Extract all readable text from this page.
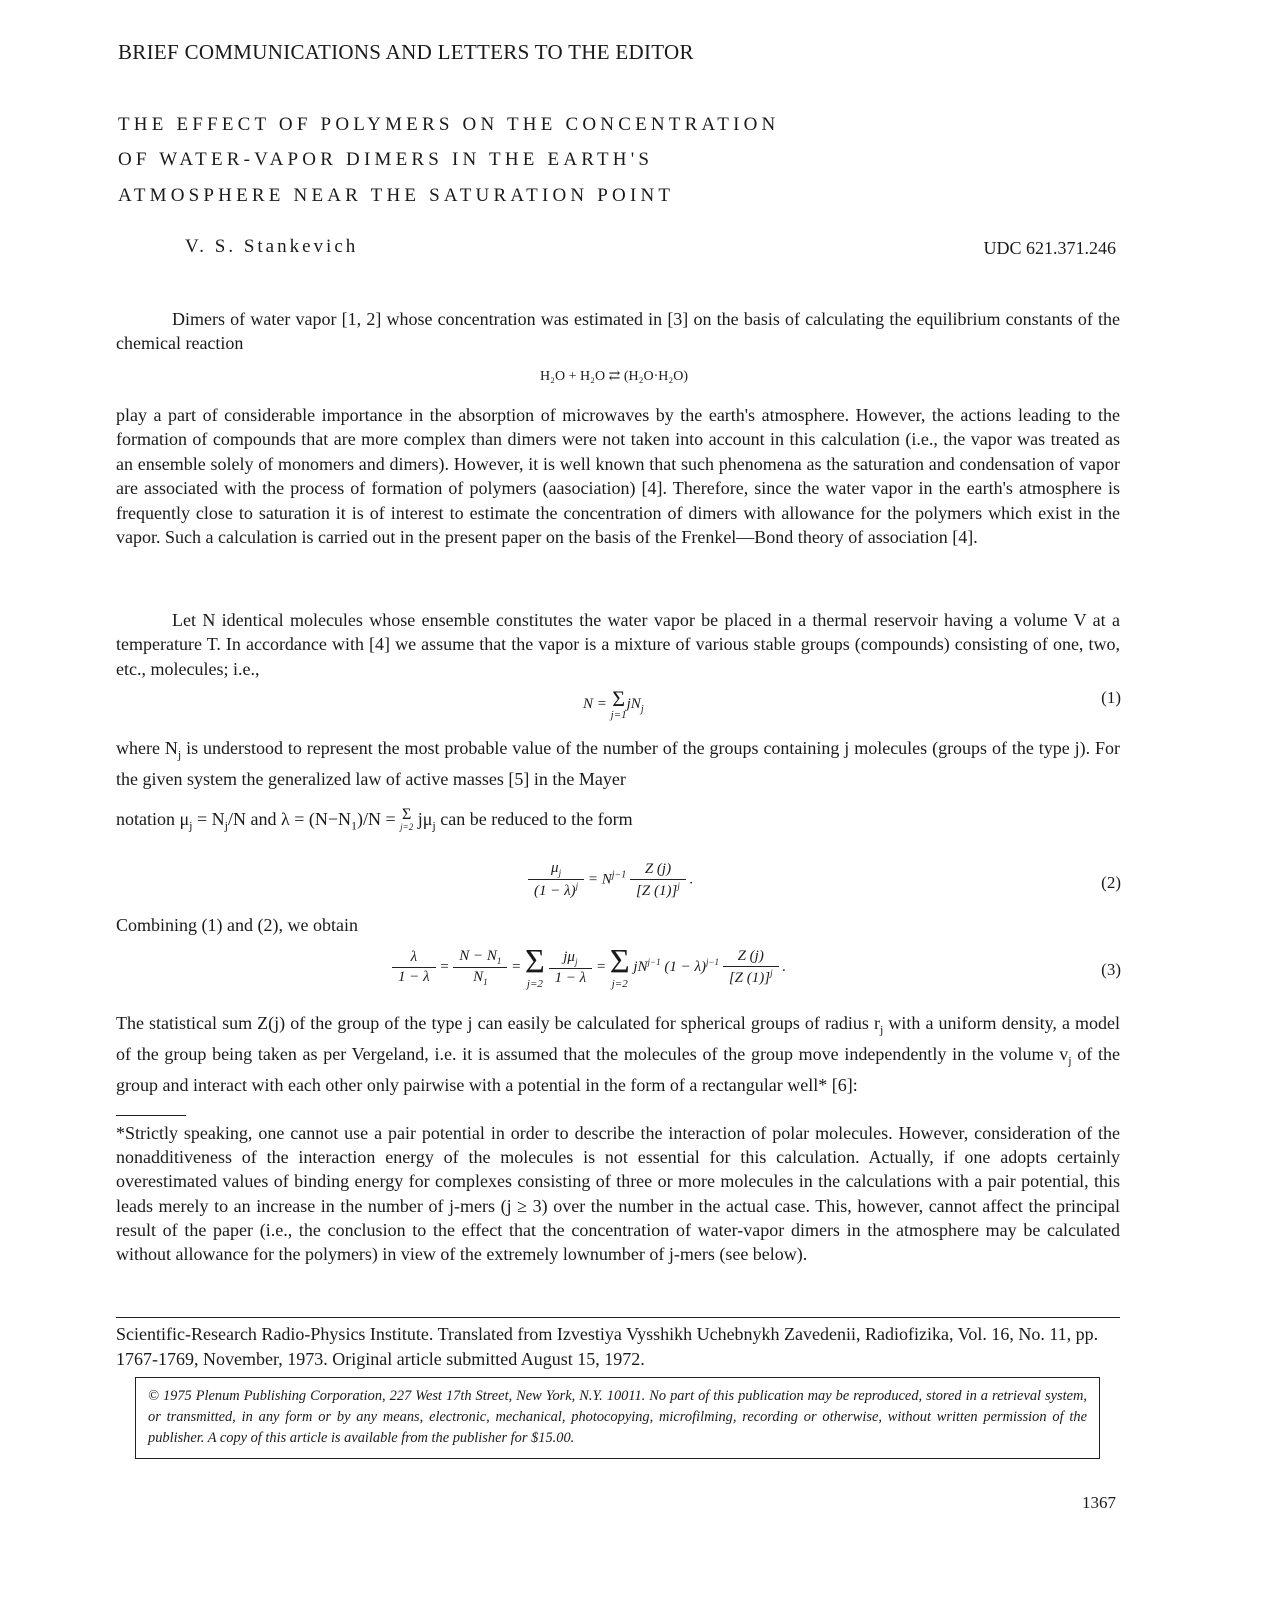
BRIEF COMMUNICATIONS AND LETTERS TO THE EDITOR
THE EFFECT OF POLYMERS ON THE CONCENTRATION
OF WATER-VAPOR DIMERS IN THE EARTH'S
ATMOSPHERE NEAR THE SATURATION POINT
V. S. Stankevich	UDC 621.371.246
Dimers of water vapor [1, 2] whose concentration was estimated in [3] on the basis of calculating the equilibrium constants of the chemical reaction
H₂O + H₂O ⇄ (H₂O·H₂O)
play a part of considerable importance in the absorption of microwaves by the earth's atmosphere. However, the actions leading to the formation of compounds that are more complex than dimers were not taken into account in this calculation (i.e., the vapor was treated as an ensemble solely of monomers and dimers). However, it is well known that such phenomena as the saturation and condensation of vapor are associated with the process of formation of polymers (aasociation) [4]. Therefore, since the water vapor in the earth's atmosphere is frequently close to saturation it is of interest to estimate the concentration of dimers with allowance for the polymers which exist in the vapor. Such a calculation is carried out in the present paper on the basis of the Frenkel—Bond theory of association [4].
Let N identical molecules whose ensemble constitutes the water vapor be placed in a thermal reservoir having a volume V at a temperature T. In accordance with [4] we assume that the vapor is a mixture of various stable groups (compounds) consisting of one, two, etc., molecules; i.e.,
N = Σ
j=1
$jN_j$
(1)
where $N_j$ is understood to represent the most probable value of the number of the groups containing j molecules (groups of the type j). For the given system the generalized law of active masses [5] in the Mayer
notation $\mu_j = N_j/N$ and $\lambda = (N-N_1)/N = \Sigma$
j=2 $j\mu_j$ can be reduced to the form
$\frac{\mu_j}{(1 - \lambda)^j} = N^{j-1} \frac{Z (j)}{[Z (1)]^j}$ .	(2)
Combining (1) and (2), we obtain
$\frac{\lambda}{1 - \lambda} = \frac{N - N_1}{N_1} = \Sigma$
j=2
$\frac{j\mu_j}{1 - \lambda} = \Sigma$
j=2
$jN^{j-1}$ $(1 - \lambda)^{j-1} \frac{Z (j)}{[Z (1)]^j}$ .	(3)
The statistical sum Z(j) of the group of the type j can easily be calculated for spherical groups of radius $r_j$ with a uniform density, a model of the group being taken as per Vergeland, i.e. it is assumed that the molecules of the group move independently in the volume $v_j$ of the group and interact with each other only pairwise with a potential in the form of a rectangular well* [6]:
*Strictly speaking, one cannot use a pair potential in order to describe the interaction of polar molecules. However, consideration of the nonadditiveness of the interaction energy of the molecules is not essential for this calculation. Actually, if one adopts certainly overestimated values of binding energy for complexes consisting of three or more molecules in the calculations with a pair potential, this leads merely to an increase in the number of j-mers (j ≥ 3) over the number in the actual case. This, however, cannot affect the principal result of the paper (i.e., the conclusion to the effect that the concentration of water-vapor dimers in the atmosphere may be calculated without allowance for the polymers) in view of the extremely lownumber of j-mers (see below).
Scientific-Research Radio-Physics Institute. Translated from Izvestiya Vysshikh Uchebnykh Zavedenii, Radiofizika, Vol. 16, No. 11, pp. 1767-1769, November, 1973. Original article submitted August 15, 1972.
© 1975 Plenum Publishing Corporation, 227 West 17th Street, New York, N.Y. 10011. No part of this publication may be reproduced, stored in a retrieval system, or transmitted, in any form or by any means, electronic, mechanical, photocopying, microfilming, recording or otherwise, without written permission of the publisher. A copy of this article is available from the publisher for $15.00.
1367
